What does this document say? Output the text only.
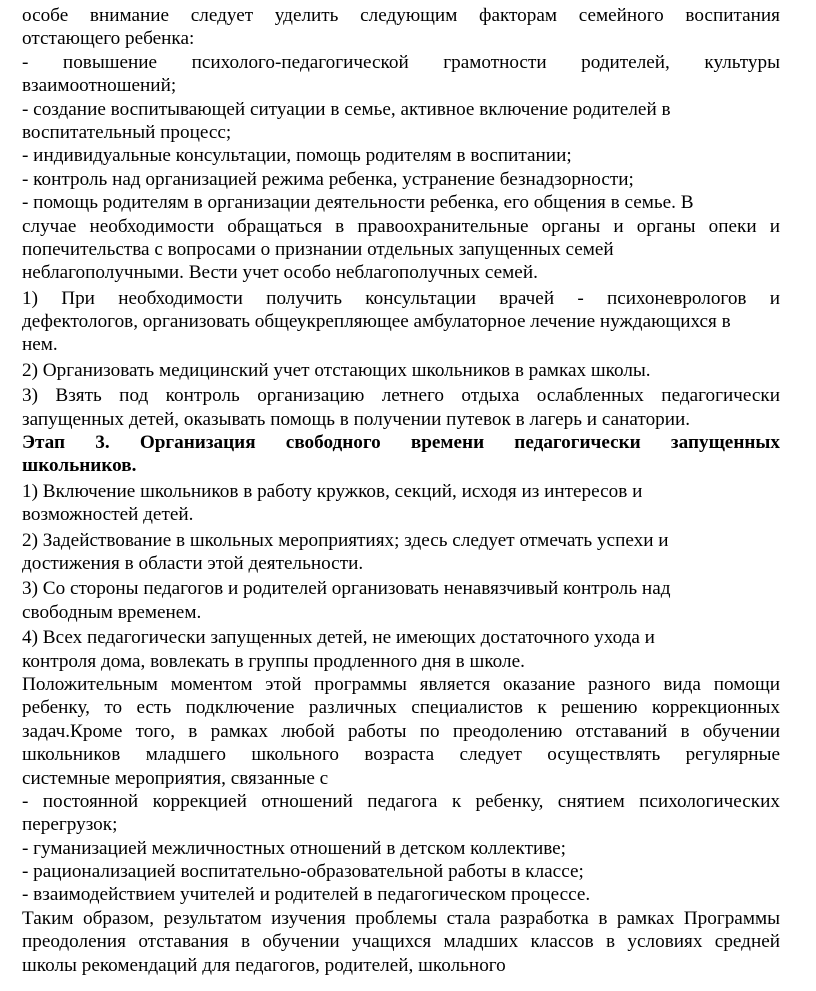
особе внимание следует уделить следующим факторам семейного воспитания
отстающего ребенка:
- повышение психолого-педагогической грамотности родителей, культуры
взаимоотношений;
- создание воспитывающей ситуации в семье, активное включение родителей в
воспитательный процесс;
- индивидуальные консультации, помощь родителям в воспитании;
- контроль над организацией режима ребенка, устранение безнадзорности;
- помощь родителям в организации деятельности ребенка, его общения в семье. В
случае необходимости обращаться в правоохранительные органы и органы опеки и
попечительства с вопросами о признании отдельных запущенных семей
неблагополучными. Вести учет особо неблагополучных семей.
1) При необходимости получить консультации врачей - психоневрологов и
дефектологов, организовать общеукрепляющее амбулаторное лечение нуждающихся в
нем.
2) Организовать медицинский учет отстающих школьников в рамках школы.
3) Взять под контроль организацию летнего отдыха ослабленных педагогически
запущенных детей, оказывать помощь в получении путевок в лагерь и санатории.
Этап 3. Организация свободного времени педагогически запущенных
школьников.
1) Включение школьников в работу кружков, секций, исходя из интересов и
возможностей детей.
2) Задействование в школьных мероприятиях; здесь следует отмечать успехи и
достижения в области этой деятельности.
3) Со стороны педагогов и родителей организовать ненавязчивый контроль над
свободным временем.
4) Всех педагогически запущенных детей, не имеющих достаточного ухода и
контроля дома, вовлекать в группы продленного дня в школе.
Положительным моментом этой программы является оказание разного вида помощи
ребенку, то есть подключение различных специалистов к решению коррекционных
задач.Кроме того, в рамках любой работы по преодолению отставаний в обучении
школьников младшего школьного возраста следует осуществлять регулярные
системные мероприятия, связанные с
- постоянной коррекцией отношений педагога к ребенку, снятием психологических
перегрузок;
- гуманизацией межличностных отношений в детском коллективе;
- рационализацией воспитательно-образовательной работы в классе;
- взаимодействием учителей и родителей в педагогическом процессе.
Таким образом, результатом изучения проблемы стала разработка в рамках Программы
преодоления отставания в обучении учащихся младших классов в условиях средней
школы рекомендаций для педагогов, родителей, школьного
